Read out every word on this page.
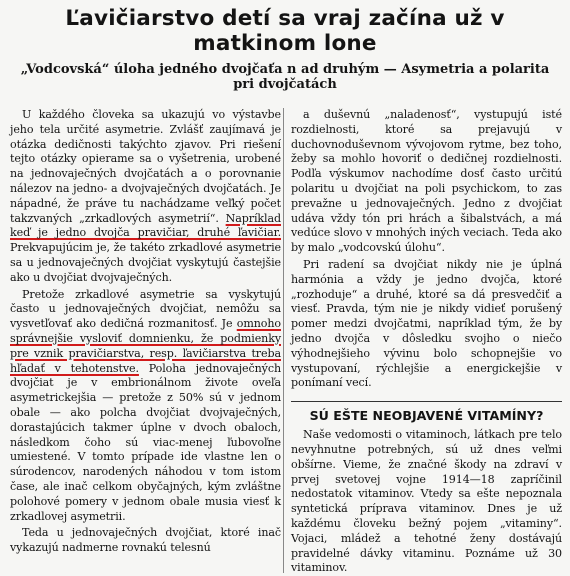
Ľavičiarstvo detí sa vraj začína už v matkinom lone
„Vodcovská“ úloha jedného dvojčaťa n ad druhým — Asymetria a polarita pri dvojčatách

U každého človeka sa ukazujú vo výstavbe jeho tela určité asymetrie. Zvlášť zaujímavá je otázka dedičnosti takýchto zjavov. Pri riešení tejto otázky opierame sa o vyšetrenia, urobené na jednovaječných dvojčatách a o porovnanie nálezov na jedno- a dvojvaječných dvojčatách. Je nápadné, že práve tu nachádzame veľký počet takzvaných „zrkadlových asymetrií“. Napríklad keď je jedno dvojča pravičiar, druhé ľavičiar. Prekvapujúcim je, že takéto zrkadlové asymetrie sa u jednovaječných dvojčiat vyskytujú častejšie ako u dvojčiat dvojvaječných.

Pretože zrkadlové asymetrie sa vyskytujú často u jednovaječných dvojčiat, nemôžu sa vysvetľovať ako dedičná rozmanitosť. Je omnoho správnejšie vysloviť domnienku, že podmienky pre vznik pravičiarstva, resp. ľavičiarstva treba hľadať v tehotenstve. Poloha jednovaječných dvojčiat je v embrionálnom živote oveľa asymetrickejšia — pretože z 50% sú v jednom obale — ako polcha dvojčiat dvojvaječných, dorastajúcich takmer úplne v dvoch obaloch, následkom čoho sú viac-menej ľubovoľne umiestené. V tomto prípade ide vlastne len o súrodencov, narodených náhodou v tom istom čase, ale inač celkom obyčajných, kým zvláštne polohové pomery v jednom obale musia viesť k zrkadlovej asymetrii.

Teda u jednovaječných dvojčiat, ktoré inač vykazujú nadmerne rovnakú telesnú

a duševnú „naladenosť“, vystupujú isté rozdielnosti, ktoré sa prejavujú v duchovnoduševnom vývojovom rytme, bez toho, žeby sa mohlo hovoriť o dedičnej rozdielnosti. Podľa výskumov nachodíme dosť často určitú polaritu u dvojčiat na poli psychickom, to zas prevažne u jednovaječných. Jedno z dvojčiat udáva vždy tón pri hrách a šibalstvách, a má vedúce slovo v mnohých iných veciach. Teda ako by malo „vodcovskú úlohu“.

Pri radení sa dvojčiat nikdy nie je úplná harmónia a vždy je jedno dvojča, ktoré „rozhoduje“ a druhé, ktoré sa dá presvedčiť a viesť. Pravda, tým nie je nikdy vidieť porušený pomer medzi dvojčatmi, napríklad tým, že by jedno dvojča v dôsledku svojho o niečo výhodnejšieho vývinu bolo schopnejšie vo vystupovaní, rýchlejšie a energickejšie v ponímaní vecí.

SÚ EŠTE NEOBJAVENÉ VITAMÍNY?

Naše vedomosti o vitaminoch, látkach pre telo nevyhnutne potrebných, sú už dnes veľmi obšírne. Vieme, že značné škody na zdraví v prvej svetovej vojne 1914—18 zapríčinil nedostatok vitaminov. Vtedy sa ešte nepoznala syntetická príprava vitaminov. Dnes je už každému človeku bežný pojem „vitaminy“. Vojaci, mládež a tehotné ženy dostávajú pravidelné dávky vitaminu. Poznáme už 30 vitaminov.
